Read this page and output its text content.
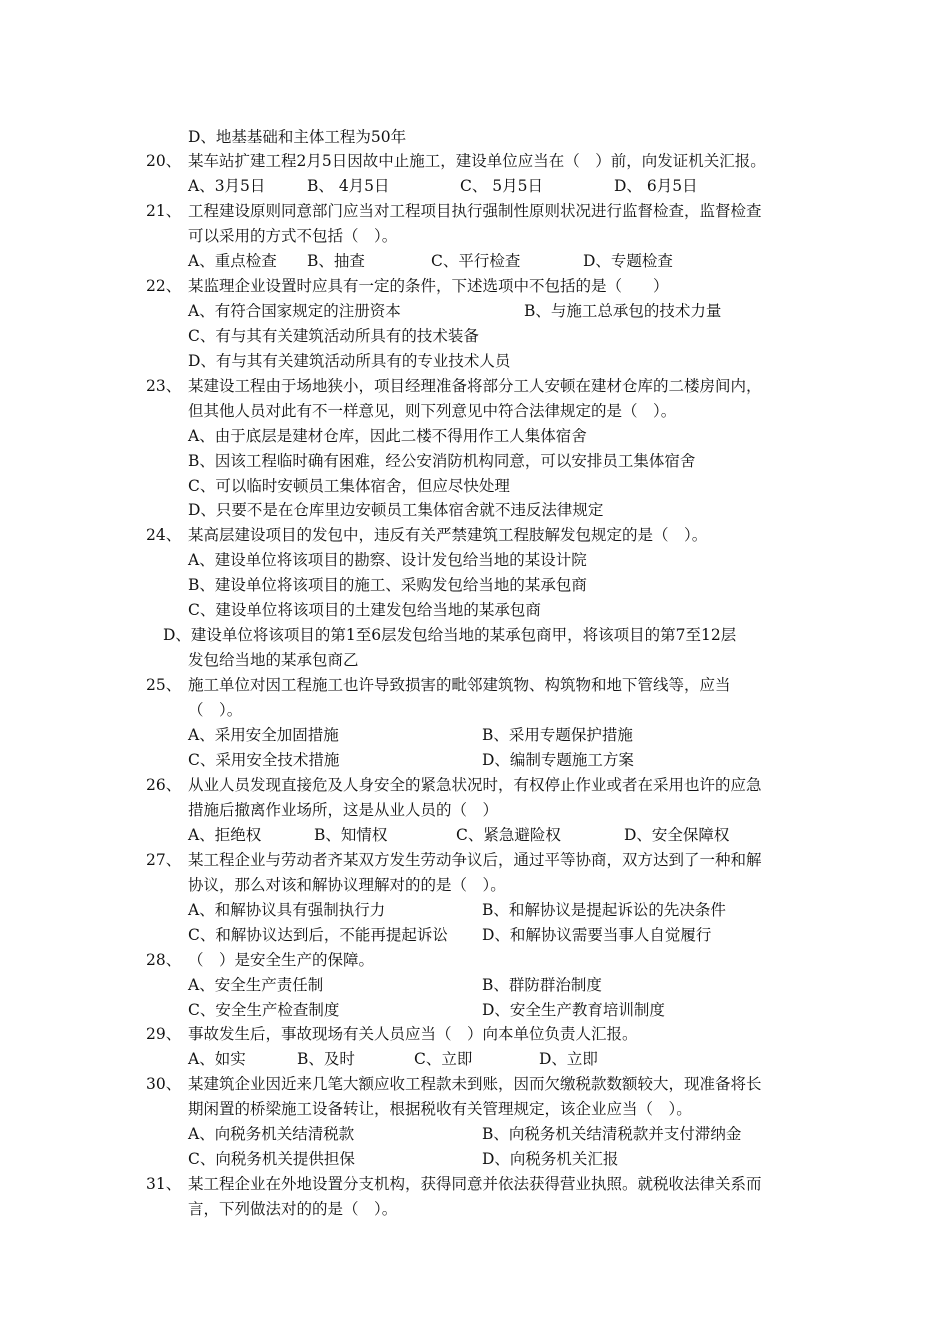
D、地基基础和主体工程为50年
20、 某车站扩建工程2月5日因故中止施工，建设单位应当在（　）前，向发证机关汇报。
A、3月5日	B、 4月5日	C、 5月5日	D、 6月5日
21、 工程建设原则同意部门应当对工程项目执行强制性原则状况进行监督检查，监督检查
可以采用的方式不包括（　）。
A、重点检查 B、抽查	C、平行检查	D、专题检查
22、 某监理企业设置时应具有一定的条件，下述选项中不包括的是（　　）
A、有符合国家规定的注册资本	B、与施工总承包的技术力量
C、有与其有关建筑活动所具有的技术装备
D、有与其有关建筑活动所具有的专业技术人员
23、 某建设工程由于场地狭小，项目经理准备将部分工人安顿在建材仓库的二楼房间内，
但其他人员对此有不一样意见，则下列意见中符合法律规定的是（　）。
A、由于底层是建材仓库，因此二楼不得用作工人集体宿舍
B、因该工程临时确有困难，经公安消防机构同意，可以安排员工集体宿舍
C、可以临时安顿员工集体宿舍，但应尽快处理
D、只要不是在仓库里边安顿员工集体宿舍就不违反法律规定
24、 某高层建设项目的发包中，违反有关严禁建筑工程肢解发包规定的是（　）。
A、建设单位将该项目的勘察、设计发包给当地的某设计院
B、建设单位将该项目的施工、采购发包给当地的某承包商
C、建设单位将该项目的土建发包给当地的某承包商
D、建设单位将该项目的第1至6层发包给当地的某承包商甲，将该项目的第7至12层
发包给当地的某承包商乙
25、 施工单位对因工程施工也许导致损害的毗邻建筑物、构筑物和地下管线等，应当
（　）。
A、采用安全加固措施	B、采用专题保护措施
C、采用安全技术措施	D、编制专题施工方案
26、 从业人员发现直接危及人身安全的紧急状况时，有权停止作业或者在采用也许的应急
措施后撤离作业场所，这是从业人员的（　）
A、拒绝权	B、知情权	C、紧急避险权	D、安全保障权
27、 某工程企业与劳动者齐某双方发生劳动争议后，通过平等协商，双方达到了一种和解
协议，那么对该和解协议理解对的的是（　）。
A、和解协议具有强制执行力	B、和解协议是提起诉讼的先决条件
C、和解协议达到后，不能再提起诉讼 D、和解协议需要当事人自觉履行
28、 （　）是安全生产的保障。
A、安全生产责任制	B、群防群治制度
C、安全生产检查制度	D、安全生产教育培训制度
29、 事故发生后，事故现场有关人员应当（　）向本单位负责人汇报。
A、如实	B、及时	C、立即	D、立即
30、 某建筑企业因近来几笔大额应收工程款未到账，因而欠缴税款数额较大，现准备将长
期闲置的桥梁施工设备转让，根据税收有关管理规定，该企业应当（　）。
A、向税务机关结清税款	B、向税务机关结清税款并支付滞纳金
C、向税务机关提供担保	D、向税务机关汇报
31、 某工程企业在外地设置分支机构，获得同意并依法获得营业执照。就税收法律关系而
言，下列做法对的的是（　）。
